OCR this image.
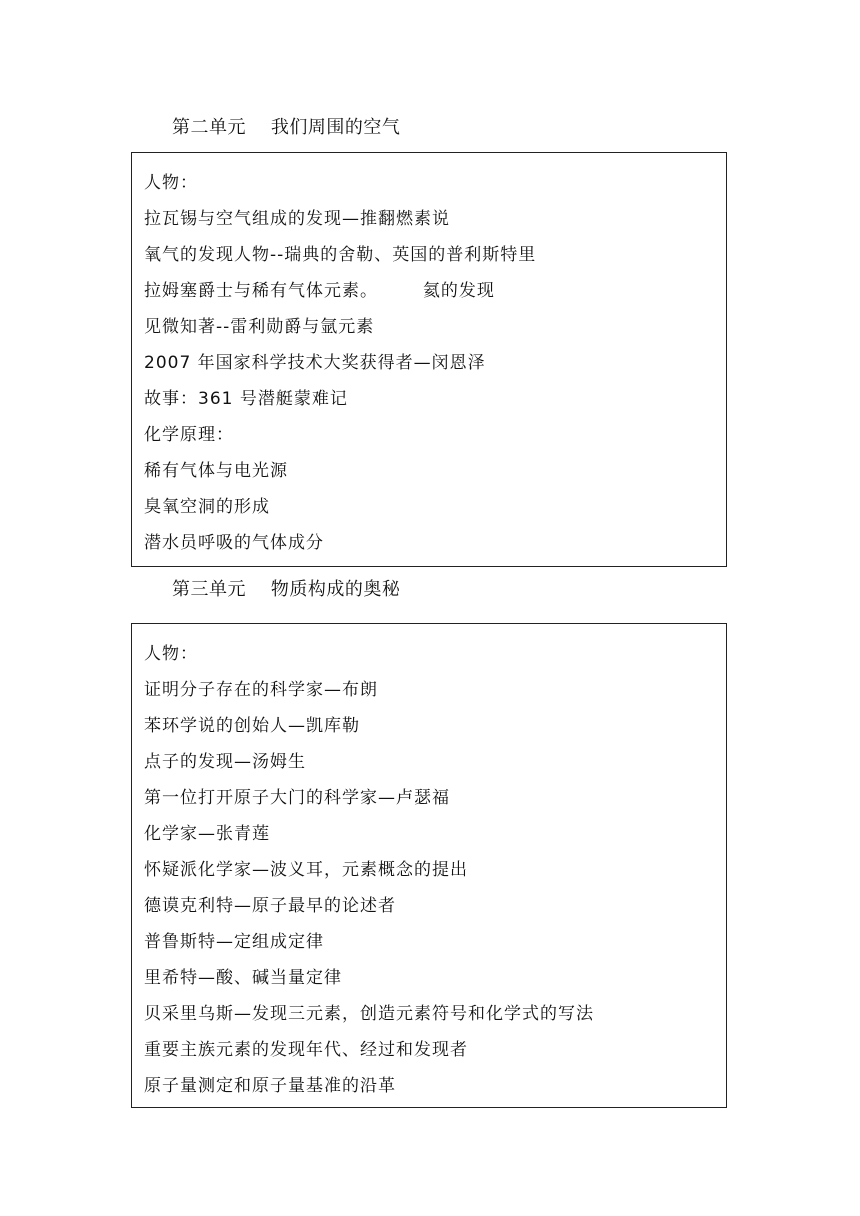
第二单元    我们周围的空气
人物：
拉瓦锡与空气组成的发现—推翻燃素说
氧气的发现人物--瑞典的舍勒、英国的普利斯特里
拉姆塞爵士与稀有气体元素。       氦的发现
见微知著--雷利勋爵与氩元素
2007 年国家科学技术大奖获得者—闵恩泽
故事：361 号潜艇蒙难记
化学原理：
稀有气体与电光源
臭氧空洞的形成
潜水员呼吸的气体成分
第三单元    物质构成的奥秘
人物：
证明分子存在的科学家—布朗
苯环学说的创始人—凯库勒
点子的发现—汤姆生
第一位打开原子大门的科学家—卢瑟福
化学家—张青莲
怀疑派化学家—波义耳，元素概念的提出
德谟克利特—原子最早的论述者
普鲁斯特—定组成定律
里希特—酸、碱当量定律
贝采里乌斯—发现三元素，创造元素符号和化学式的写法
重要主族元素的发现年代、经过和发现者
原子量测定和原子量基准的沿革
